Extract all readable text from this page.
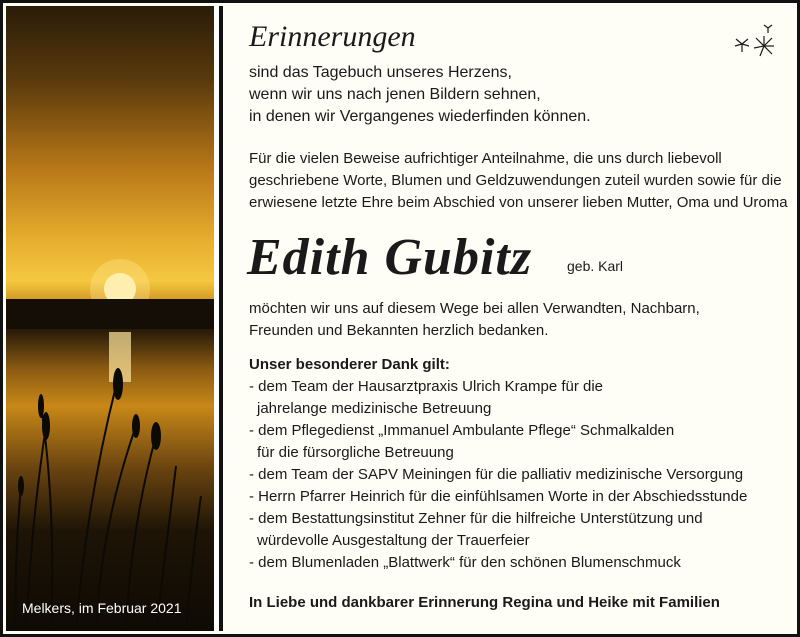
Melkers, im Februar 2021
Erinnerungen
sind das Tagebuch unseres Herzens,
wenn wir uns nach jenen Bildern sehnen,
in denen wir Vergangenes wiederfinden können.
Für die vielen Beweise aufrichtiger Anteilnahme, die uns durch liebevoll
geschriebene Worte, Blumen und Geldzuwendungen zuteil wurden sowie für die
erwiesene letzte Ehre beim Abschied von unserer lieben Mutter, Oma und Uroma
Edith Gubitz geb. Karl
möchten wir uns auf diesem Wege bei allen Verwandten, Nachbarn,
Freunden und Bekannten herzlich bedanken.
Unser besonderer Dank gilt:
- dem Team der Hausarztpraxis Ulrich Krampe für die
jahrelange medizinische Betreuung
- dem Pflegedienst „Immanuel Ambulante Pflege“ Schmalkalden
für die fürsorgliche Betreuung
- dem Team der SAPV Meiningen für die palliativ medizinische Versorgung
- Herrn Pfarrer Heinrich für die einfühlsamen Worte in der Abschiedsstunde
- dem Bestattungsinstitut Zehner für die hilfreiche Unterstützung und
würdevolle Ausgestaltung der Trauerfeier
- dem Blumenladen „Blattwerk“ für den schönen Blumenschmuck
In Liebe und dankbarer Erinnerung Regina und Heike mit Familien
